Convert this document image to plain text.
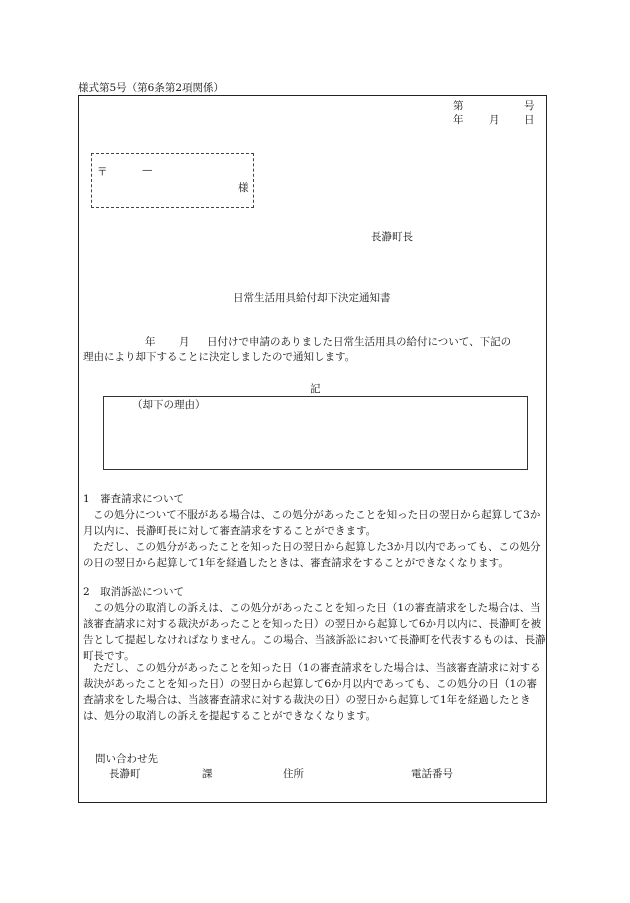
様式第5号（第6条第2項関係）
第	号
年 月 日
〒	—
様
長瀞町長
日常生活用具給付却下決定通知書
年 月 日付けで申請のありました日常生活用具の給付について、下記の
理由により却下することに決定しましたので通知します。
記
（却下の理由）
1　審査請求について
この処分について不服がある場合は、この処分があったことを知った日の翌日から起算して3か月以内に、長瀞町長に対して審査請求をすることができます。
ただし、この処分があったことを知った日の翌日から起算した3か月以内であっても、この処分の日の翌日から起算して1年を経過したときは、審査請求をすることができなくなります。
2　取消訴訟について
この処分の取消しの訴えは、この処分があったことを知った日（1の審査請求をした場合は、当該審査請求に対する裁決があったことを知った日）の翌日から起算して6か月以内に、長瀞町を被告として提起しなければなりません。この場合、当該訴訟において長瀞町を代表するものは、長瀞町長です。
ただし、この処分があったことを知った日（1の審査請求をした場合は、当該審査請求に対する裁決があったことを知った日）の翌日から起算して6か月以内であっても、この処分の日（1の審査請求をした場合は、当該審査請求に対する裁決の日）の翌日から起算して1年を経過したときは、処分の取消しの訴えを提起することができなくなります。
問い合わせ先
長瀞町	課	住所	電話番号
